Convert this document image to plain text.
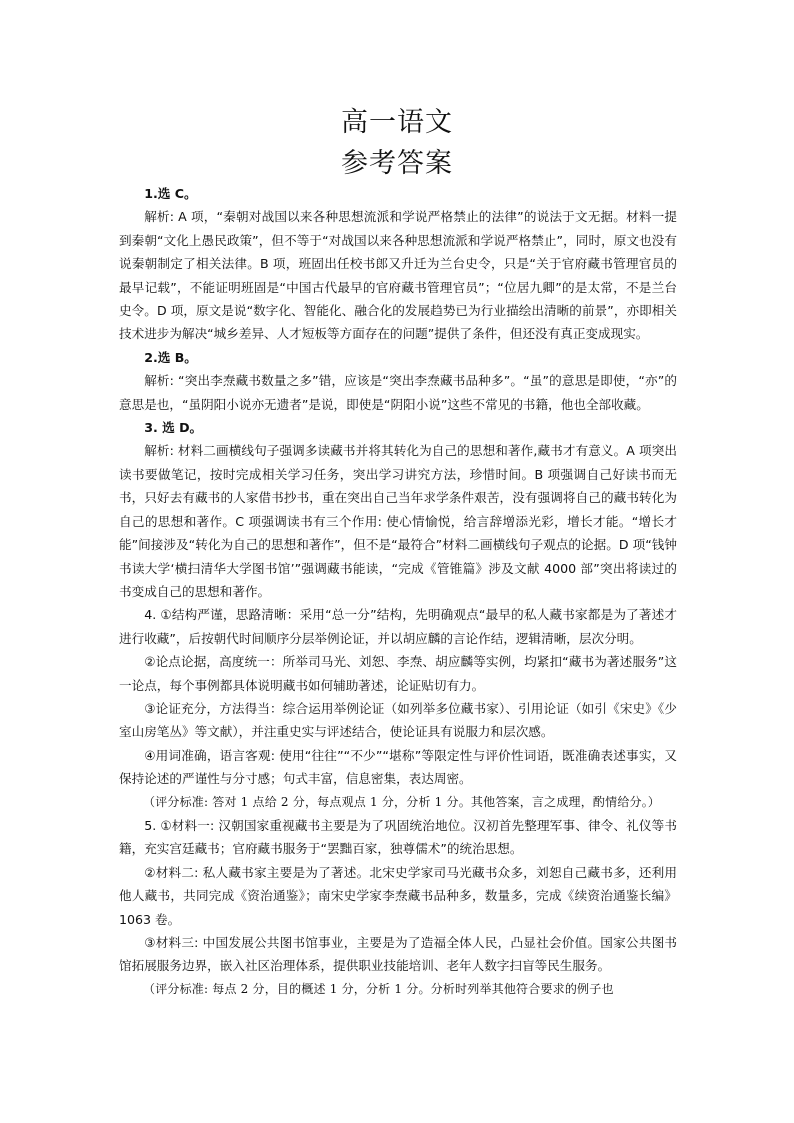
高一语文
参考答案

1.选 C。

解析: A 项，“秦朝对战国以来各种思想流派和学说严格禁止的法律”的说法于文无据。材料一提到秦朝“文化上愚民政策”，但不等于“对战国以来各种思想流派和学说严格禁止”，同时，原文也没有说秦朝制定了相关法律。B 项，班固出任校书郎又升迁为兰台史令，只是“关于官府藏书管理官员的最早记载”，不能证明班固是“中国古代最早的官府藏书管理官员”；“位居九卿”的是太常，不是兰台史令。D 项，原文是说“数字化、智能化、融合化的发展趋势已为行业描绘出清晰的前景”，亦即相关技术进步为解决“城乡差异、人才短板等方面存在的问题”提供了条件，但还没有真正变成现实。

2.选 B。

解析: “突出李焘藏书数量之多”错，应该是“突出李焘藏书品种多”。“虽”的意思是即使，“亦”的意思是也，“虽阴阳小说亦无遗者”是说，即使是“阴阳小说”这些不常见的书籍，他也全部收藏。

3. 选 D。

解析: 材料二画横线句子强调多读藏书并将其转化为自己的思想和著作,藏书才有意义。A 项突出读书要做笔记，按时完成相关学习任务，突出学习讲究方法，珍惜时间。B 项强调自己好读书而无书，只好去有藏书的人家借书抄书，重在突出自己当年求学条件艰苦，没有强调将自己的藏书转化为自己的思想和著作。C 项强调读书有三个作用: 使心情愉悦，给言辞增添光彩，增长才能。“增长才能”间接涉及“转化为自己的思想和著作”，但不是“最符合”材料二画横线句子观点的论据。D 项“钱钟书读大学‘横扫清华大学图书馆’”强调藏书能读，“完成《管锥篇》涉及文献 4000 部”突出将读过的书变成自己的思想和著作。

4. ①结构严谨，思路清晰：采用“总一分”结构，先明确观点“最早的私人藏书家都是为了著述才进行收藏”，后按朝代时间顺序分层举例论证，并以胡应麟的言论作结，逻辑清晰，层次分明。

②论点论据，高度统一：所举司马光、刘恕、李焘、胡应麟等实例，均紧扣“藏书为著述服务”这一论点，每个事例都具体说明藏书如何辅助著述，论证贴切有力。

③论证充分，方法得当：综合运用举例论证（如列举多位藏书家）、引用论证（如引《宋史》《少室山房笔丛》等文献），并注重史实与评述结合，使论证具有说服力和层次感。

④用词准确，语言客观: 使用“往往”“不少”“堪称”等限定性与评价性词语，既准确表述事实，又保持论述的严谨性与分寸感；句式丰富，信息密集，表达周密。

（评分标准: 答对 1 点给 2 分，每点观点 1 分，分析 1 分。其他答案，言之成理，酌情给分。）

5. ①材料一: 汉朝国家重视藏书主要是为了巩固统治地位。汉初首先整理军事、律令、礼仪等书籍，充实宫廷藏书；官府藏书服务于“罢黜百家，独尊儒术”的统治思想。

②材料二: 私人藏书家主要是为了著述。北宋史学家司马光藏书众多，刘恕自己藏书多，还利用他人藏书，共同完成《资治通鉴》；南宋史学家李焘藏书品种多，数量多，完成《续资治通鉴长编》1063 卷。

③材料三: 中国发展公共图书馆事业，主要是为了造福全体人民，凸显社会价值。国家公共图书馆拓展服务边界，嵌入社区治理体系，提供职业技能培训、老年人数字扫盲等民生服务。

（评分标准: 每点 2 分，目的概述 1 分，分析 1 分。分析时列举其他符合要求的例子也
